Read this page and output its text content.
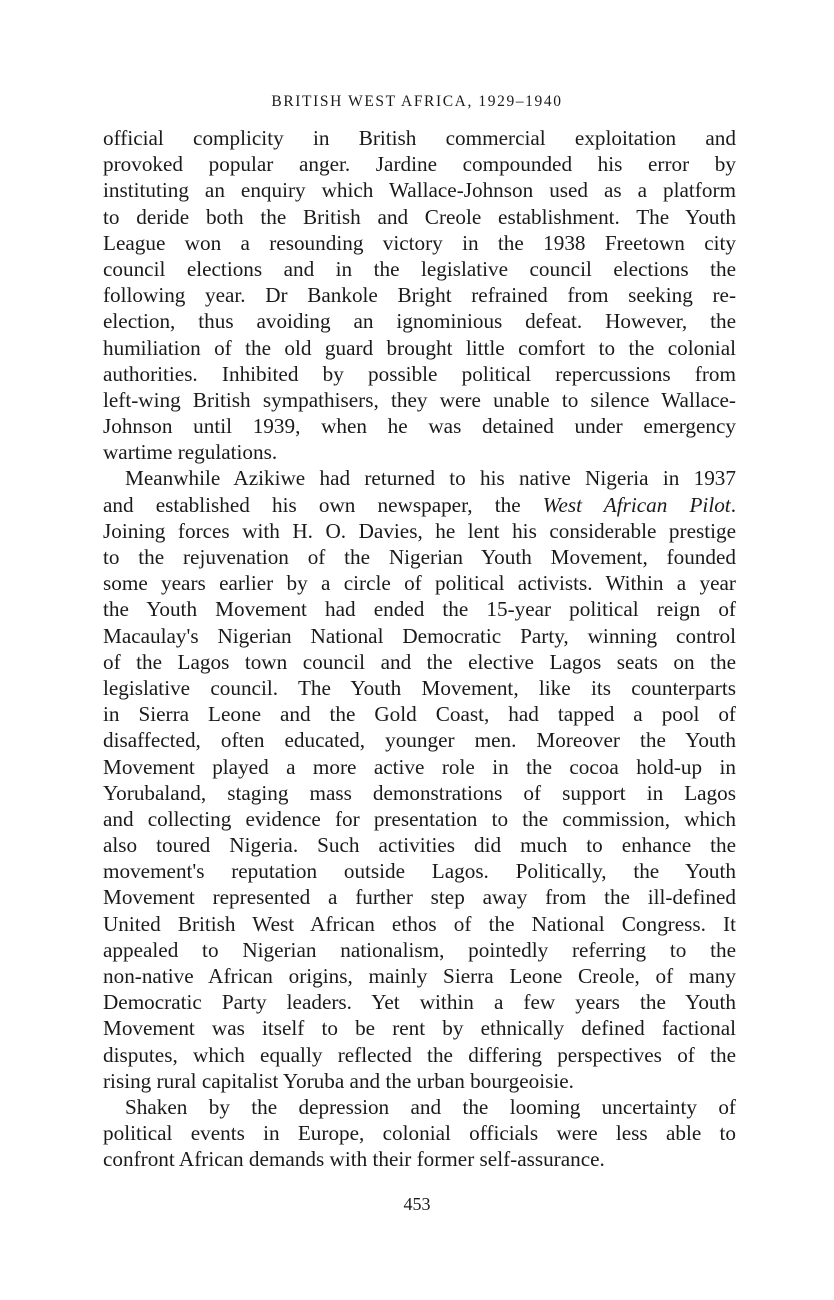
BRITISH WEST AFRICA, 1929–1940
official complicity in British commercial exploitation and
provoked popular anger. Jardine compounded his error by
instituting an enquiry which Wallace-Johnson used as a platform
to deride both the British and Creole establishment. The Youth
League won a resounding victory in the 1938 Freetown city
council elections and in the legislative council elections the
following year. Dr Bankole Bright refrained from seeking re-
election, thus avoiding an ignominious defeat. However, the
humiliation of the old guard brought little comfort to the colonial
authorities. Inhibited by possible political repercussions from
left-wing British sympathisers, they were unable to silence Wallace-
Johnson until 1939, when he was detained under emergency
wartime regulations.
Meanwhile Azikiwe had returned to his native Nigeria in 1937
and established his own newspaper, the West African Pilot.
Joining forces with H. O. Davies, he lent his considerable prestige
to the rejuvenation of the Nigerian Youth Movement, founded
some years earlier by a circle of political activists. Within a year
the Youth Movement had ended the 15-year political reign of
Macaulay's Nigerian National Democratic Party, winning control
of the Lagos town council and the elective Lagos seats on the
legislative council. The Youth Movement, like its counterparts
in Sierra Leone and the Gold Coast, had tapped a pool of
disaffected, often educated, younger men. Moreover the Youth
Movement played a more active role in the cocoa hold-up in
Yorubaland, staging mass demonstrations of support in Lagos
and collecting evidence for presentation to the commission, which
also toured Nigeria. Such activities did much to enhance the
movement's reputation outside Lagos. Politically, the Youth
Movement represented a further step away from the ill-defined
United British West African ethos of the National Congress. It
appealed to Nigerian nationalism, pointedly referring to the
non-native African origins, mainly Sierra Leone Creole, of many
Democratic Party leaders. Yet within a few years the Youth
Movement was itself to be rent by ethnically defined factional
disputes, which equally reflected the differing perspectives of the
rising rural capitalist Yoruba and the urban bourgeoisie.
Shaken by the depression and the looming uncertainty of
political events in Europe, colonial officials were less able to
confront African demands with their former self-assurance.
453
